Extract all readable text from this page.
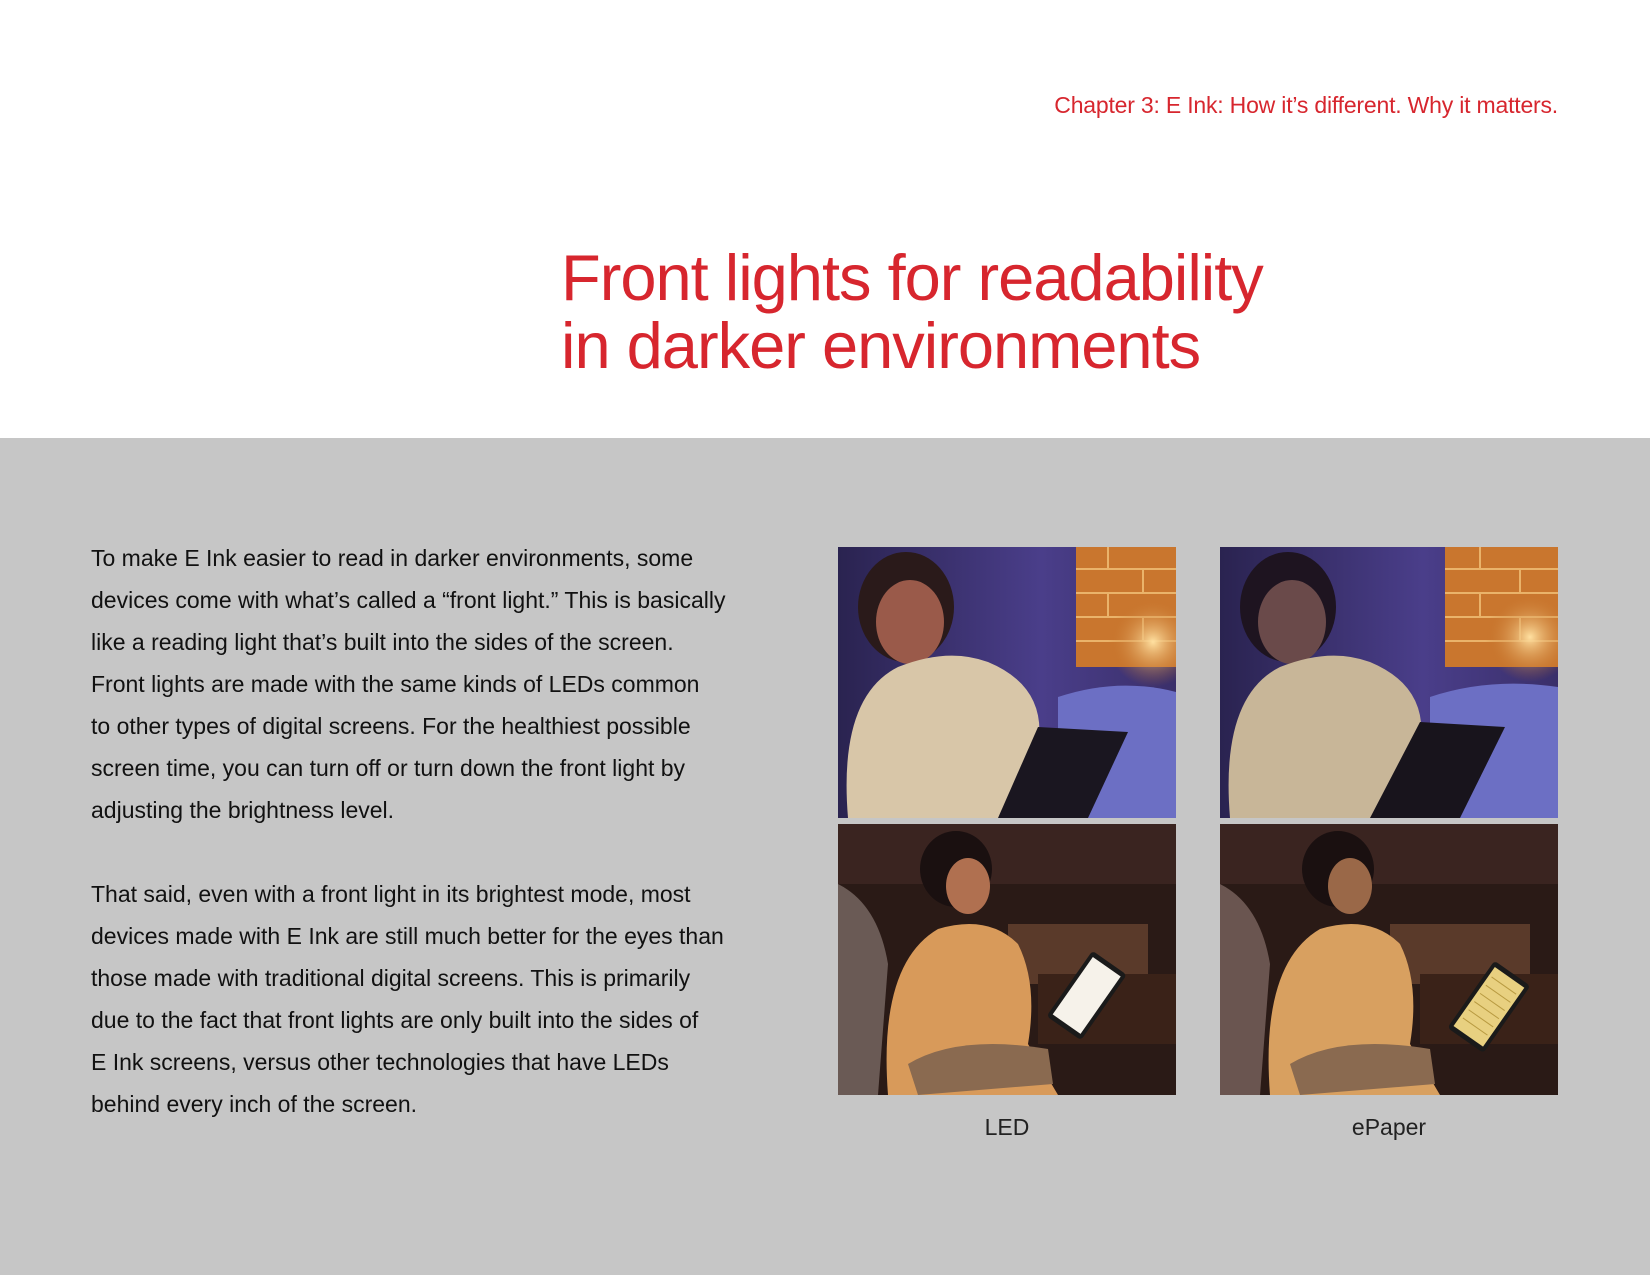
Chapter 3: E Ink: How it’s different. Why it matters.
Front lights for readability
in darker environments

To make E Ink easier to read in darker environments, some
devices come with what’s called a “front light.” This is basically
like a reading light that’s built into the sides of the screen.
Front lights are made with the same kinds of LEDs common
to other types of digital screens. For the healthiest possible
screen time, you can turn off or turn down the front light by
adjusting the brightness level.

That said, even with a front light in its brightest mode, most
devices made with E Ink are still much better for the eyes than
those made with traditional digital screens. This is primarily
due to the fact that front lights are only built into the sides of
E Ink screens, versus other technologies that have LEDs
behind every inch of the screen.

LED	ePaper
